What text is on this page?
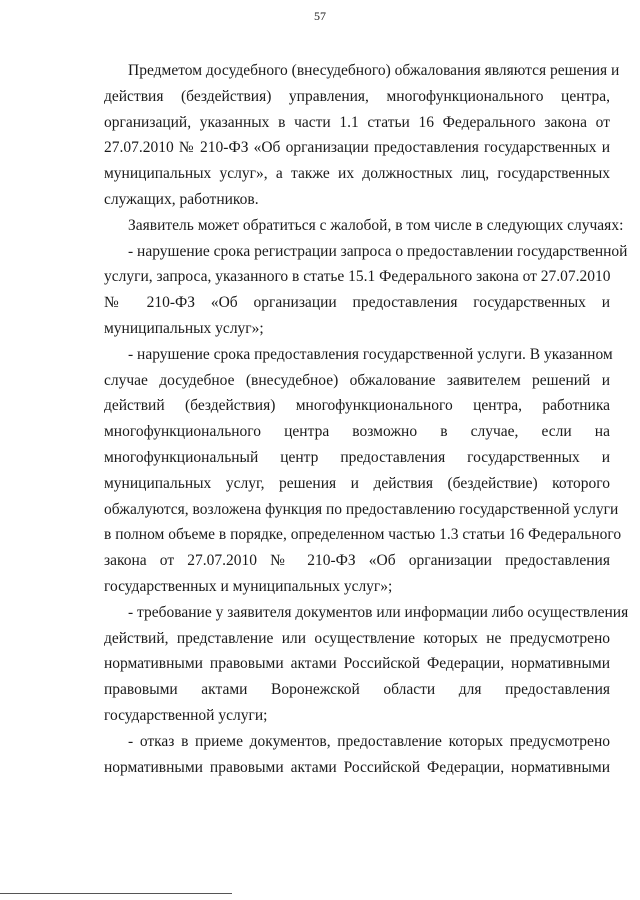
57
Предметом досудебного (внесудебного) обжалования являются решения и
действия (бездействия) управления, многофункционального центра,
организаций, указанных в части 1.1 статьи 16 Федерального закона от
27.07.2010 № 210-ФЗ «Об организации предоставления государственных и
муниципальных услуг», а также их должностных лиц, государственных
служащих, работников.
Заявитель может обратиться с жалобой, в том числе в следующих случаях:
- нарушение срока регистрации запроса о предоставлении государственной
услуги, запроса, указанного в статье 15.1 Федерального закона от 27.07.2010
№ 210-ФЗ «Об организации предоставления государственных и
муниципальных услуг»;
- нарушение срока предоставления государственной услуги. В указанном
случае досудебное (внесудебное) обжалование заявителем решений и
действий (бездействия) многофункционального центра, работника
многофункционального центра возможно в случае, если на
многофункциональный центр предоставления государственных и
муниципальных услуг, решения и действия (бездействие) которого
обжалуются, возложена функция по предоставлению государственной услуги
в полном объеме в порядке, определенном частью 1.3 статьи 16 Федерального
закона от 27.07.2010 № 210-ФЗ «Об организации предоставления
государственных и муниципальных услуг»;
- требование у заявителя документов или информации либо осуществления
действий, представление или осуществление которых не предусмотрено
нормативными правовыми актами Российской Федерации, нормативными
правовыми актами Воронежской области для предоставления
государственной услуги;
- отказ в приеме документов, предоставление которых предусмотрено
нормативными правовыми актами Российской Федерации, нормативными
